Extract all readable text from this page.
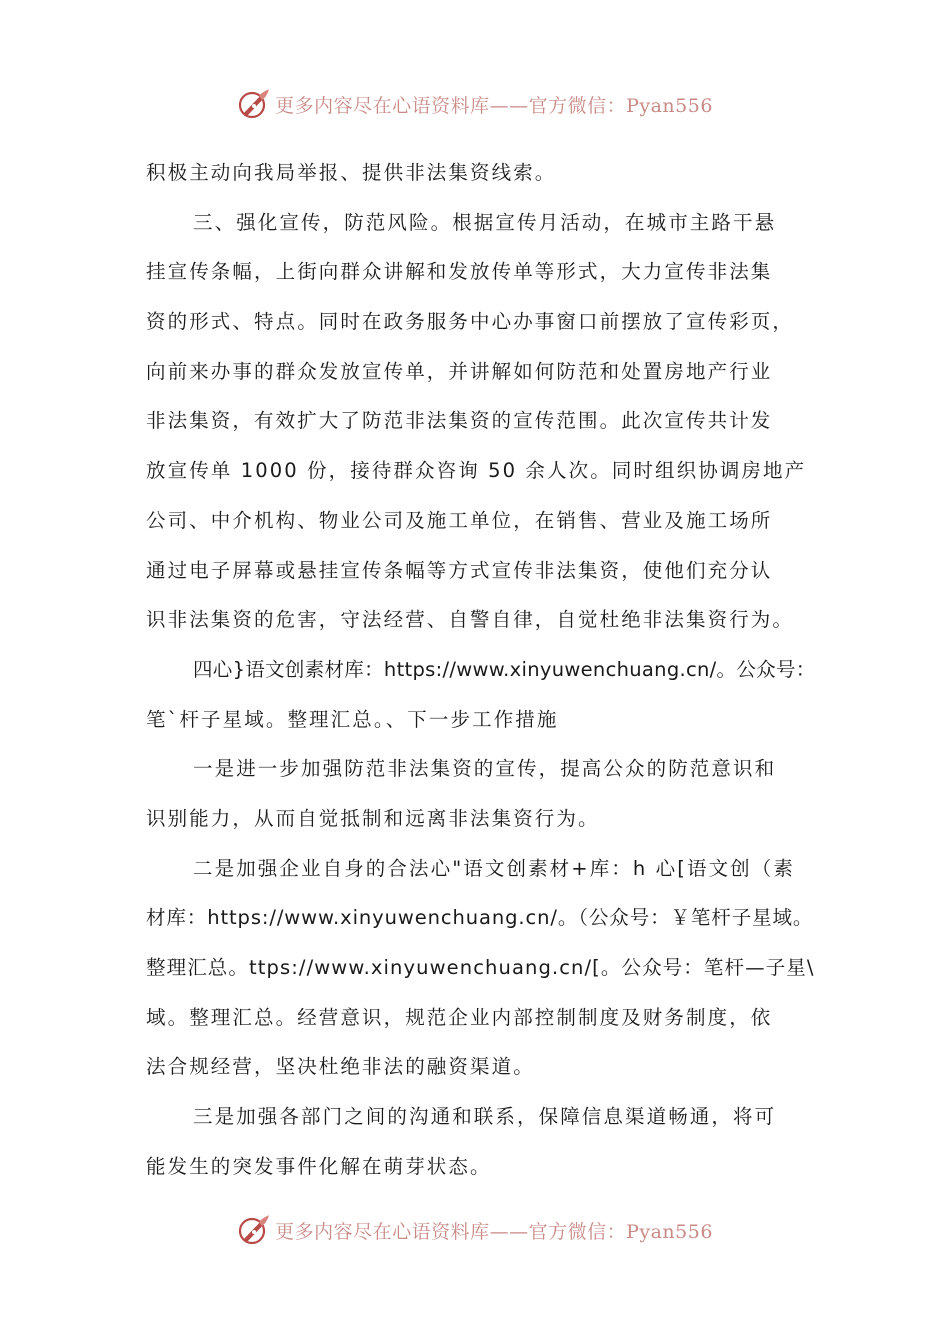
更多内容尽在心语资料库——官方微信：Pyan556
积极主动向我局举报、提供非法集资线索。
三、强化宣传，防范风险。根据宣传月活动，在城市主路干悬
挂宣传条幅，上街向群众讲解和发放传单等形式，大力宣传非法集
资的形式、特点。同时在政务服务中心办事窗口前摆放了宣传彩页，
向前来办事的群众发放宣传单，并讲解如何防范和处置房地产行业
非法集资，有效扩大了防范非法集资的宣传范围。此次宣传共计发
放宣传单 1000 份，接待群众咨询 50 余人次。同时组织协调房地产
公司、中介机构、物业公司及施工单位，在销售、营业及施工场所
通过电子屏幕或悬挂宣传条幅等方式宣传非法集资，使他们充分认
识非法集资的危害，守法经营、自警自律，自觉杜绝非法集资行为。
四心}语文创素材库：https://www.xinyuwenchuang.cn/。公众号：
笔`杆子星域。整理汇总。、下一步工作措施
一是进一步加强防范非法集资的宣传，提高公众的防范意识和
识别能力，从而自觉抵制和远离非法集资行为。
二是加强企业自身的合法心"语文创素材+库：h 心[语文创（素
材库：https://www.xinyuwenchuang.cn/。（公众号：￥笔杆子星域。
整理汇总。ttps://www.xinyuwenchuang.cn/[。公众号：笔杆—子星\
域。整理汇总。经营意识，规范企业内部控制制度及财务制度，依
法合规经营，坚决杜绝非法的融资渠道。
三是加强各部门之间的沟通和联系，保障信息渠道畅通，将可
能发生的突发事件化解在萌芽状态。
更多内容尽在心语资料库——官方微信：Pyan556
